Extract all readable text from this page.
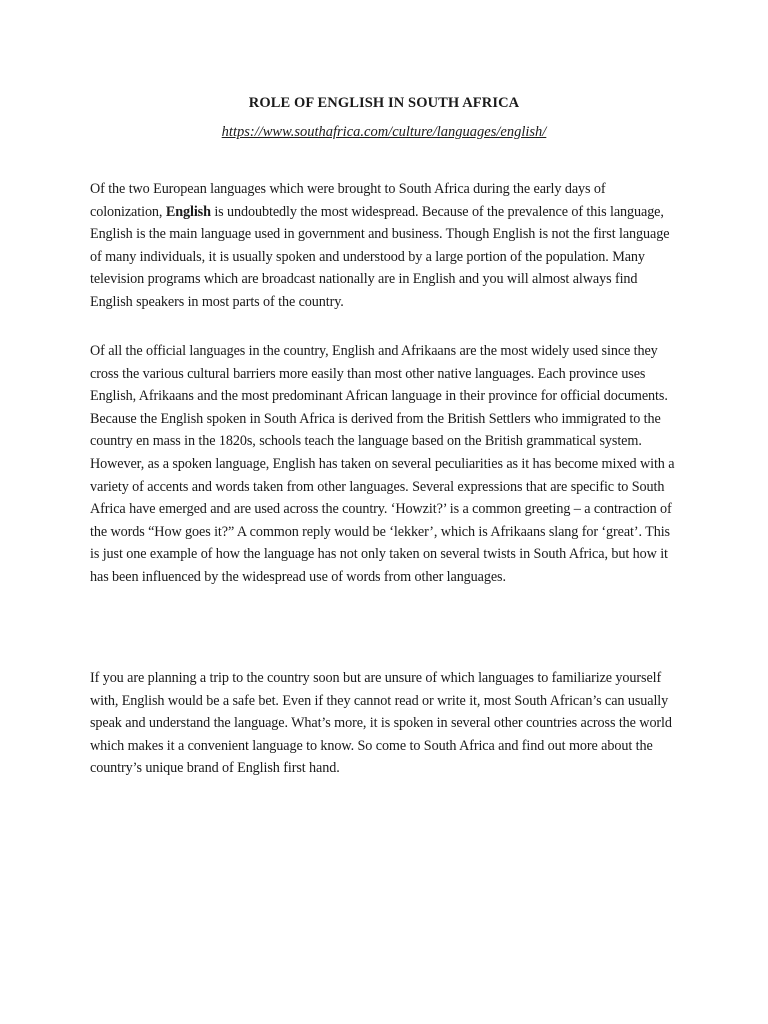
ROLE OF ENGLISH IN SOUTH AFRICA
https://www.southafrica.com/culture/languages/english/

Of the two European languages which were brought to South Africa during the early days of colonization, English is undoubtedly the most widespread. Because of the prevalence of this language, English is the main language used in government and business. Though English is not the first language of many individuals, it is usually spoken and understood by a large portion of the population. Many television programs which are broadcast nationally are in English and you will almost always find English speakers in most parts of the country.

Of all the official languages in the country, English and Afrikaans are the most widely used since they cross the various cultural barriers more easily than most other native languages. Each province uses English, Afrikaans and the most predominant African language in their province for official documents. Because the English spoken in South Africa is derived from the British Settlers who immigrated to the country en mass in the 1820s, schools teach the language based on the British grammatical system. However, as a spoken language, English has taken on several peculiarities as it has become mixed with a variety of accents and words taken from other languages. Several expressions that are specific to South Africa have emerged and are used across the country. ‘Howzit?’ is a common greeting – a contraction of the words “How goes it?” A common reply would be ‘lekker’, which is Afrikaans slang for ‘great’. This is just one example of how the language has not only taken on several twists in South Africa, but how it has been influenced by the widespread use of words from other languages.

If you are planning a trip to the country soon but are unsure of which languages to familiarize yourself with, English would be a safe bet. Even if they cannot read or write it, most South African’s can usually speak and understand the language. What’s more, it is spoken in several other countries across the world which makes it a convenient language to know. So come to South Africa and find out more about the country’s unique brand of English first hand.
